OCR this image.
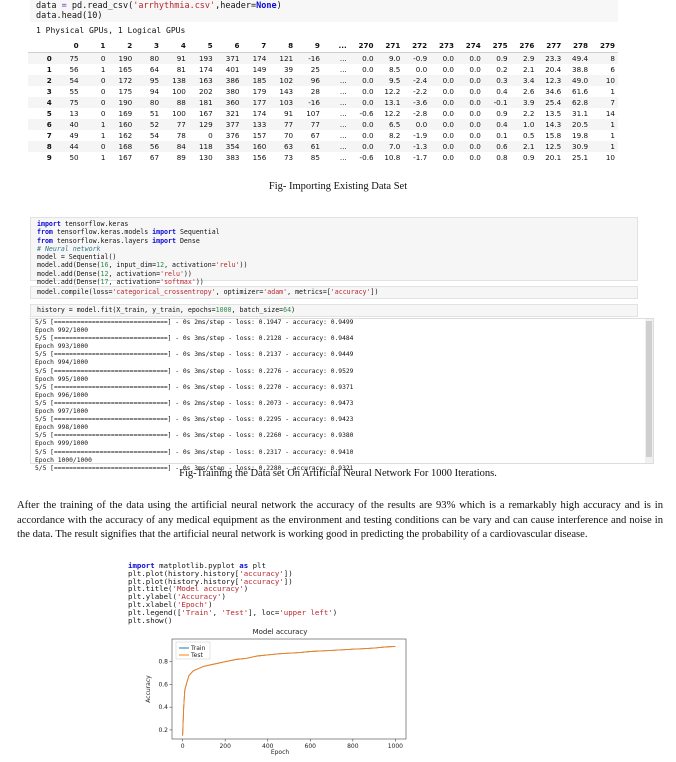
data = pd.read_csv('arrhythmia.csv',header=None)
data.head(10)
1 Physical GPUs, 1 Logical GPUs
	0	1	2	3	4	5	6	7	8	9	...	270	271	272	273	274	275	276	277	278	279
0	75	0	190	80	91	193	371	174	121	-16	...	0.0	9.0	-0.9	0.0	0.0	0.9	2.9	23.3	49.4	8
1	56	1	165	64	81	174	401	149	39	25	...	0.0	8.5	0.0	0.0	0.0	0.2	2.1	20.4	38.8	6
2	54	0	172	95	138	163	386	185	102	96	...	0.0	9.5	-2.4	0.0	0.0	0.3	3.4	12.3	49.0	10
3	55	0	175	94	100	202	380	179	143	28	...	0.0	12.2	-2.2	0.0	0.0	0.4	2.6	34.6	61.6	1
4	75	0	190	80	88	181	360	177	103	-16	...	0.0	13.1	-3.6	0.0	0.0	-0.1	3.9	25.4	62.8	7
5	13	0	169	51	100	167	321	174	91	107	...	-0.6	12.2	-2.8	0.0	0.0	0.9	2.2	13.5	31.1	14
6	40	1	160	52	77	129	377	133	77	77	...	0.0	6.5	0.0	0.0	0.0	0.4	1.0	14.3	20.5	1
7	49	1	162	54	78	0	376	157	70	67	...	0.0	8.2	-1.9	0.0	0.0	0.1	0.5	15.8	19.8	1
8	44	0	168	56	84	118	354	160	63	61	...	0.0	7.0	-1.3	0.0	0.0	0.6	2.1	12.5	30.9	1
9	50	1	167	67	89	130	383	156	73	85	...	-0.6	10.8	-1.7	0.0	0.0	0.8	0.9	20.1	25.1	10
Fig- Importing Existing Data Set
import tensorflow.keras
from tensorflow.keras.models import Sequential
from tensorflow.keras.layers import Dense
# Neural network
model = Sequential()
model.add(Dense(16, input_dim=12, activation='relu'))
model.add(Dense(12, activation='relu'))
model.add(Dense(17, activation='softmax'))
model.compile(loss='categorical_crossentropy', optimizer='adam', metrics=['accuracy'])
history = model.fit(X_train, y_train, epochs=1000, batch_size=64)
5/5 [==============================] - 0s 2ms/step - loss: 0.1947 - accuracy: 0.9499
Epoch 992/1000
5/5 [==============================] - 0s 3ms/step - loss: 0.2128 - accuracy: 0.9484
Epoch 993/1000
5/5 [==============================] - 0s 3ms/step - loss: 0.2137 - accuracy: 0.9449
Epoch 994/1000
5/5 [==============================] - 0s 3ms/step - loss: 0.2276 - accuracy: 0.9529
Epoch 995/1000
5/5 [==============================] - 0s 3ms/step - loss: 0.2270 - accuracy: 0.9371
Epoch 996/1000
5/5 [==============================] - 0s 2ms/step - loss: 0.2073 - accuracy: 0.9473
Epoch 997/1000
5/5 [==============================] - 0s 3ms/step - loss: 0.2295 - accuracy: 0.9423
Epoch 998/1000
5/5 [==============================] - 0s 3ms/step - loss: 0.2260 - accuracy: 0.9380
Epoch 999/1000
5/5 [==============================] - 0s 3ms/step - loss: 0.2317 - accuracy: 0.9410
Epoch 1000/1000
5/5 [==============================] - 0s 3ms/step - loss: 0.2280 - accuracy: 0.9321
Fig-Training the Data set On Artificial Neural Network For 1000 Iterations.
After the training of the data using the artificial neural network the accuracy of the results are 93% which is a remarkably high accuracy and is in accordance with the accuracy of any medical equipment as the environment and testing conditions can be vary and can cause interference and noise in the data. The result signifies that the artificial neural network is working good in predicting the probability of a cardiovascular disease.
import matplotlib.pyplot as plt
plt.plot(history.history['accuracy'])
plt.plot(history.history['accuracy'])
plt.title('Model accuracy')
plt.ylabel('Accuracy')
plt.xlabel('Epoch')
plt.legend(['Train', 'Test'], loc='upper left')
plt.show()
Model accuracy
0	200	400	600	800	1000
0.2
0.4
0.6
0.8
Train
Test
Epoch
Accuracy
